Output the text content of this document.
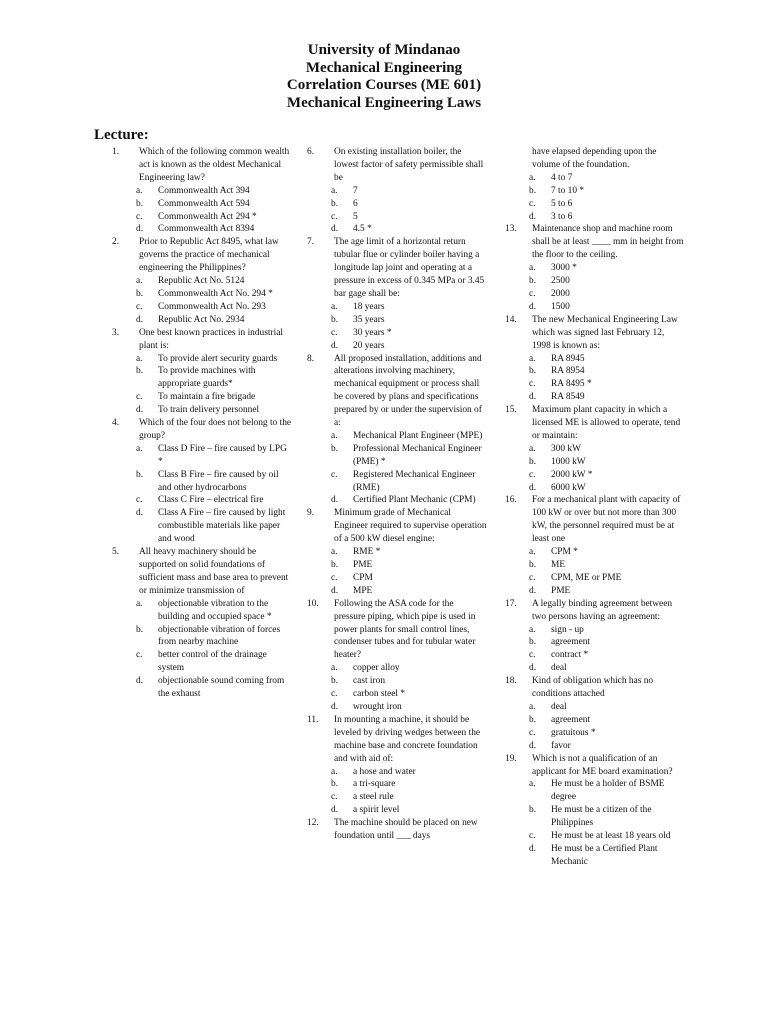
University of Mindanao
Mechanical Engineering
Correlation Courses (ME 601)
Mechanical Engineering Laws
Lecture:
1.	Which of the following common wealth act is known as the oldest Mechanical Engineering law?
a.	Commonwealth Act 394
b.	Commonwealth Act 594
c.	Commonwealth Act 294 *
d.	Commonwealth Act 8394
2.	Prior to Republic Act 8495, what law governs the practice of mechanical engineering the Philippines?
a.	Republic Act No. 5124
b.	Commonwealth Act No. 294 *
c.	Commonwealth Act No. 293
d.	Republic Act No. 2934
3.	One best known practices in industrial plant is:
a.	To provide alert security guards
b.	To provide machines with appropriate guards*
c.	To maintain a fire brigade
d.	To train delivery personnel
4.	Which of the four does not belong to the group?
a.	Class D Fire – fire caused by LPG *
b.	Class B Fire – fire caused by oil and other hydrocarbons
c.	Class C Fire – electrical fire
d.	Class A Fire – fire caused by light combustible materials like paper and wood
5.	All heavy machinery should be supported on solid foundations of sufficient mass and base area to prevent or minimize transmission of
a.	objectionable vibration to the building and occupied space *
b.	objectionable vibration of forces from nearby machine
c.	better control of the drainage system
d.	objectionable sound coming from the exhaust
6.	On existing installation boiler, the lowest factor of safety permissible shall be
a.	7
b.	6
c.	5
d.	4.5 *
7.	The age limit of a horizontal return tubular flue or cylinder boiler having a longitude lap joint and operating at a pressure in excess of 0.345 MPa or 3.45 bar gage shall be:
a.	18 years
b.	35 years
c.	30 years *
d.	20 years
8.	All proposed installation, additions and alterations involving machinery, mechanical equipment or process shall be covered by plans and specifications prepared by or under the supervision of a:
a.	Mechanical Plant Engineer (MPE)
b.	Professional Mechanical Engineer (PME) *
c.	Registered Mechanical Engineer (RME)
d.	Certified Plant Mechanic (CPM)
9.	Minimum grade of Mechanical Engineer required to supervise operation of a 500 kW diesel engine:
a.	RME *
b.	PME
c.	CPM
d.	MPE
10.	Following the ASA code for the pressure piping, which pipe is used in power plants for small control lines, condenser tubes and for tubular water heater?
a.	copper alloy
b.	cast iron
c.	carbon steel *
d.	wrought iron
11.	In mounting a machine, it should be leveled by driving wedges between the machine base and concrete foundation and with aid of:
a.	a hose and water
b.	a tri-square
c.	a steel rule
d.	a spirit level
12.	The machine should be placed on new foundation until ___ days
have elapsed depending upon the volume of the foundation.
a.	4 to 7
b.	7 to 10 *
c.	5 to 6
d.	3 to 6
13.	Maintenance shop and machine room shall be at least ____ mm in height from the floor to the ceiling.
a.	3000 *
b.	2500
c.	2000
d.	1500
14.	The new Mechanical Engineering Law which was signed last February 12, 1998 is known as:
a.	RA 8945
b.	RA 8954
c.	RA 8495 *
d.	RA 8549
15.	Maximum plant capacity in which a licensed ME is allowed to operate, tend or maintain:
a.	300 kW
b.	1000 kW
c.	2000 kW *
d.	6000 kW
16.	For a mechanical plant with capacity of 100 kW or over but not more than 300 kW, the personnel required must be at least one
a.	CPM *
b.	ME
c.	CPM, ME or PME
d.	PME
17.	A legally binding agreement between two persons having an agreement:
a.	sign - up
b.	agreement
c.	contract *
d.	deal
18.	Kind of obligation which has no conditions attached
a.	deal
b.	agreement
c.	gratuitous *
d.	favor
19.	Which is not a qualification of an applicant for ME board examination?
a.	He must be a holder of BSME degree
b.	He must be a citizen of the Philippines
c.	He must be at least 18 years old
d.	He must be a Certified Plant Mechanic
